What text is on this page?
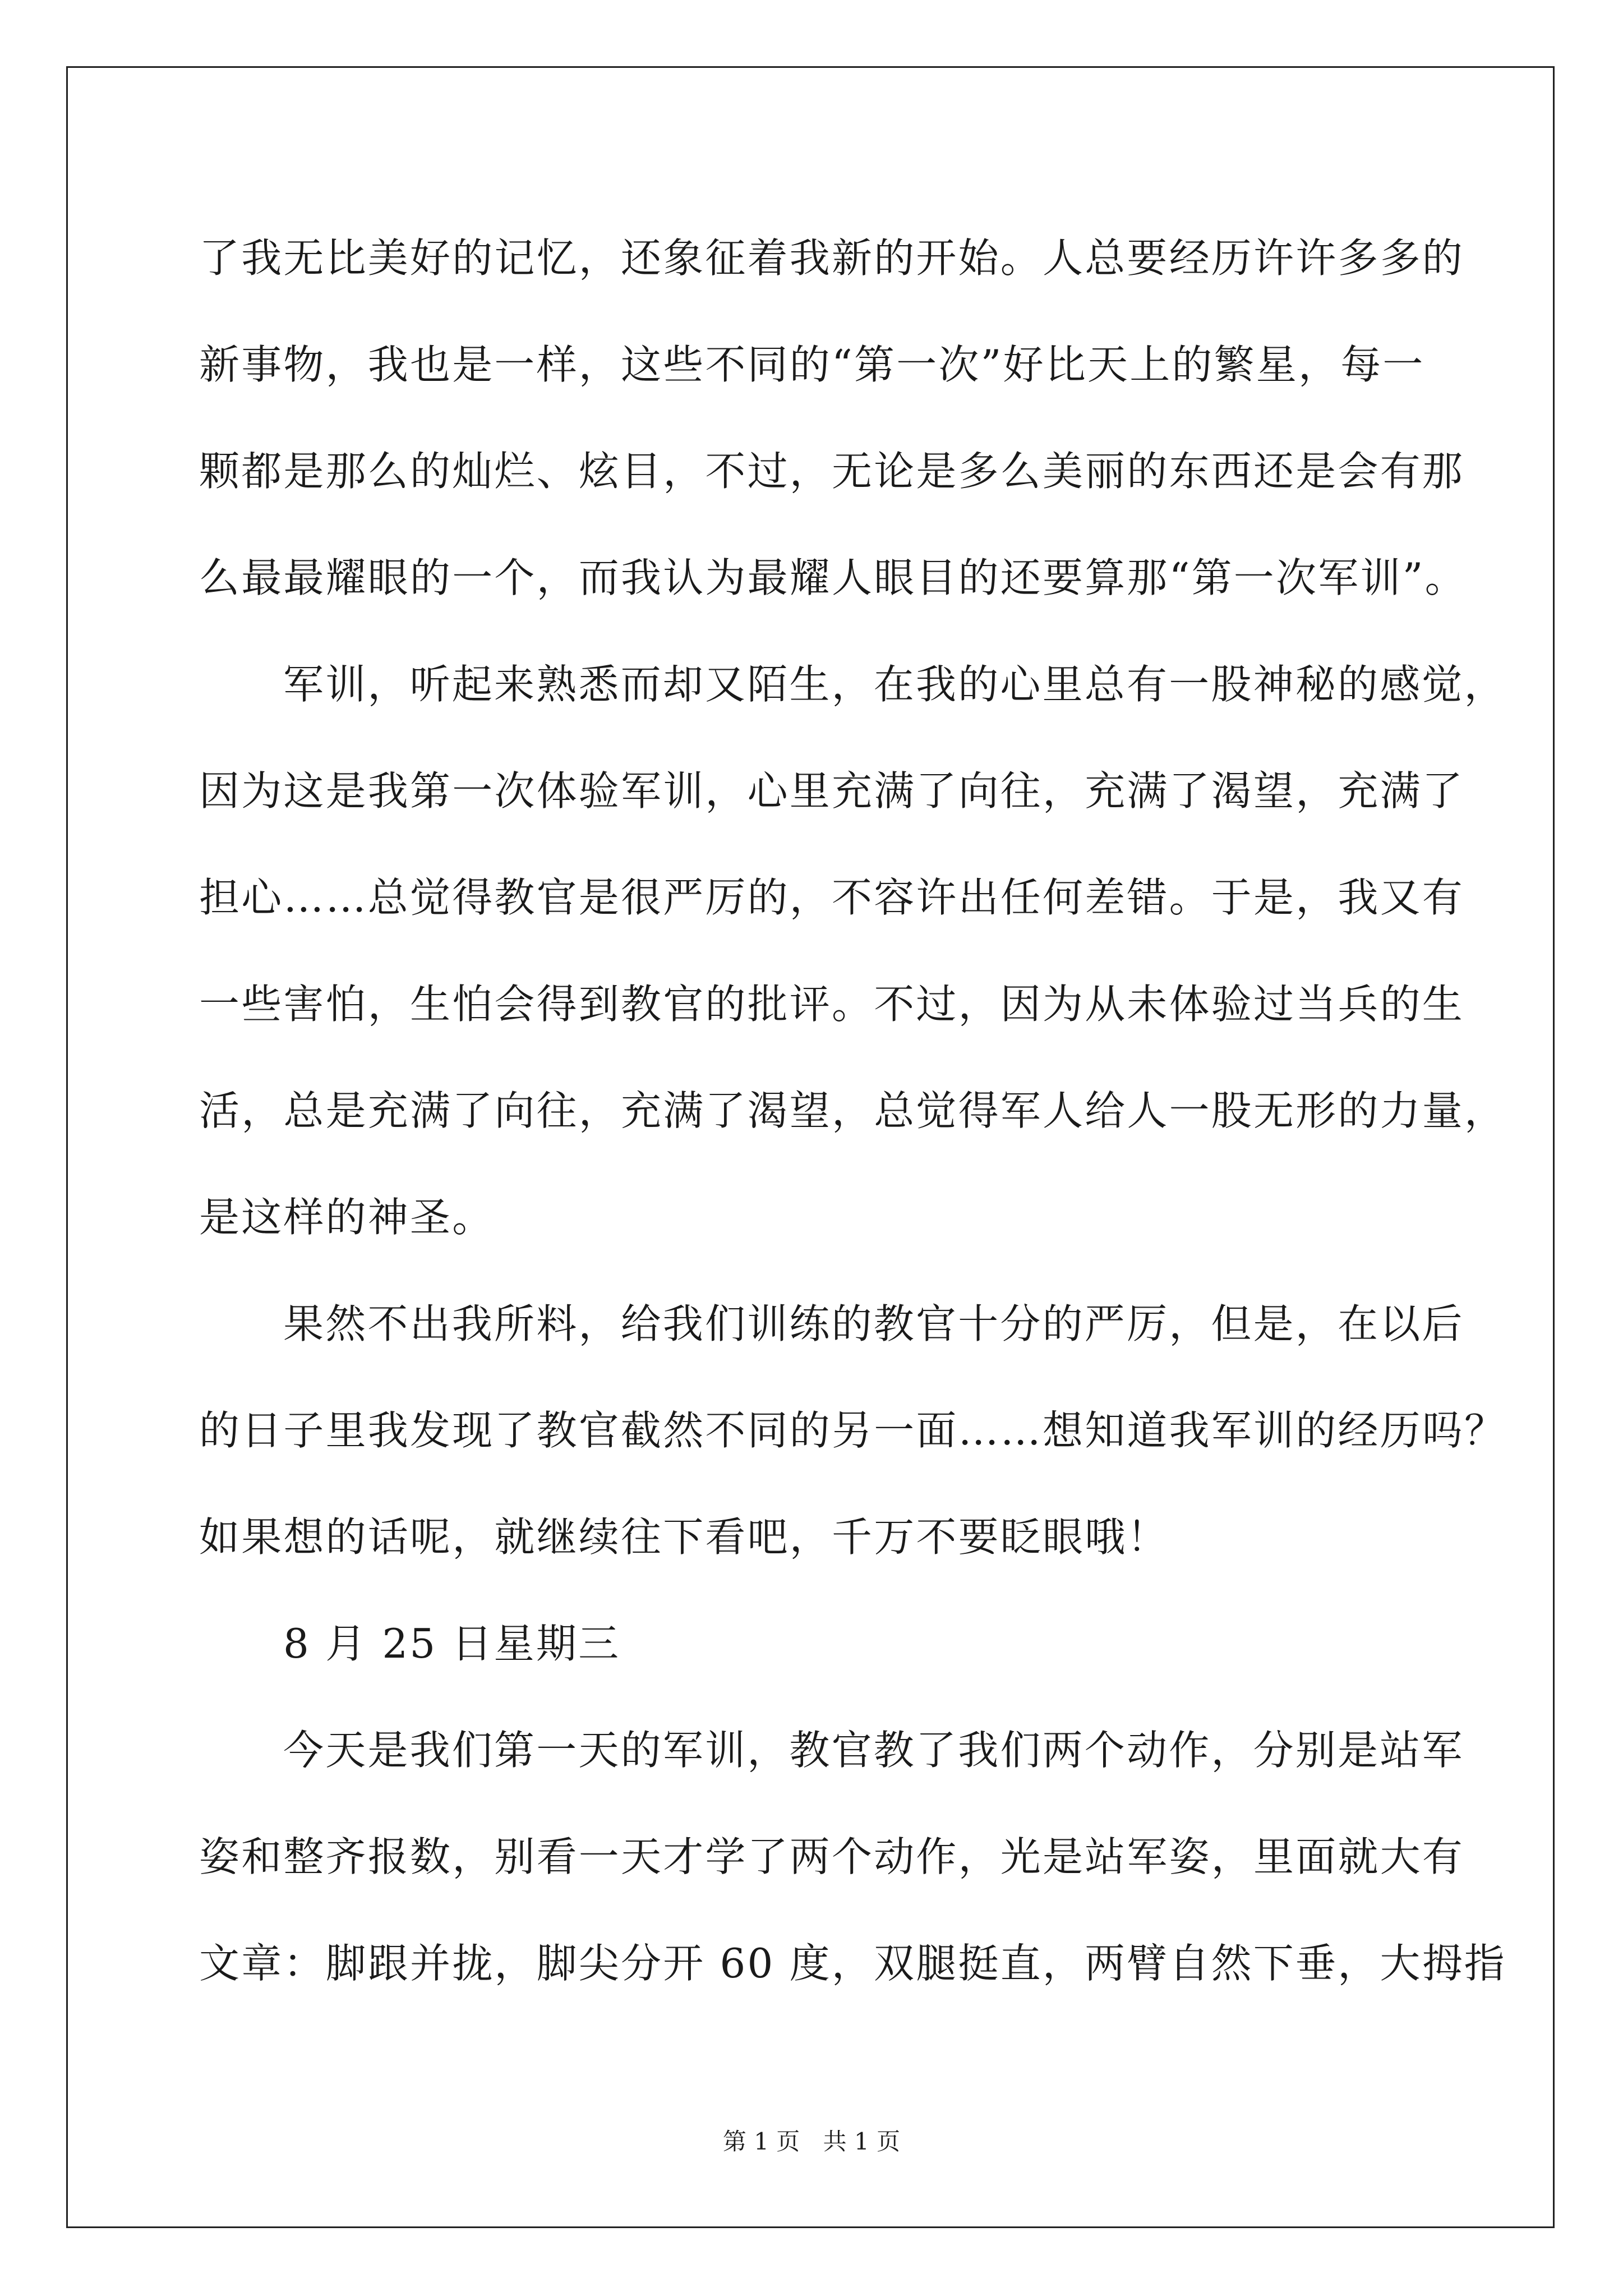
了我无比美好的记忆，还象征着我新的开始。人总要经历许许多多的
新事物，我也是一样，这些不同的“第一次”好比天上的繁星，每一
颗都是那么的灿烂、炫目，不过，无论是多么美丽的东西还是会有那
么最最耀眼的一个，而我认为最耀人眼目的还要算那“第一次军训”。
军训，听起来熟悉而却又陌生，在我的心里总有一股神秘的感觉，
因为这是我第一次体验军训，心里充满了向往，充满了渴望，充满了
担心……总觉得教官是很严厉的，不容许出任何差错。于是，我又有
一些害怕，生怕会得到教官的批评。不过，因为从未体验过当兵的生
活，总是充满了向往，充满了渴望，总觉得军人给人一股无形的力量，
是这样的神圣。
果然不出我所料，给我们训练的教官十分的严厉，但是，在以后
的日子里我发现了教官截然不同的另一面……想知道我军训的经历吗？
如果想的话呢，就继续往下看吧，千万不要眨眼哦！
8 月 25 日星期三
今天是我们第一天的军训，教官教了我们两个动作，分别是站军
姿和整齐报数，别看一天才学了两个动作，光是站军姿，里面就大有
文章：脚跟并拢，脚尖分开 60 度，双腿挺直，两臂自然下垂，大拇指
第 1 页 共 1 页
